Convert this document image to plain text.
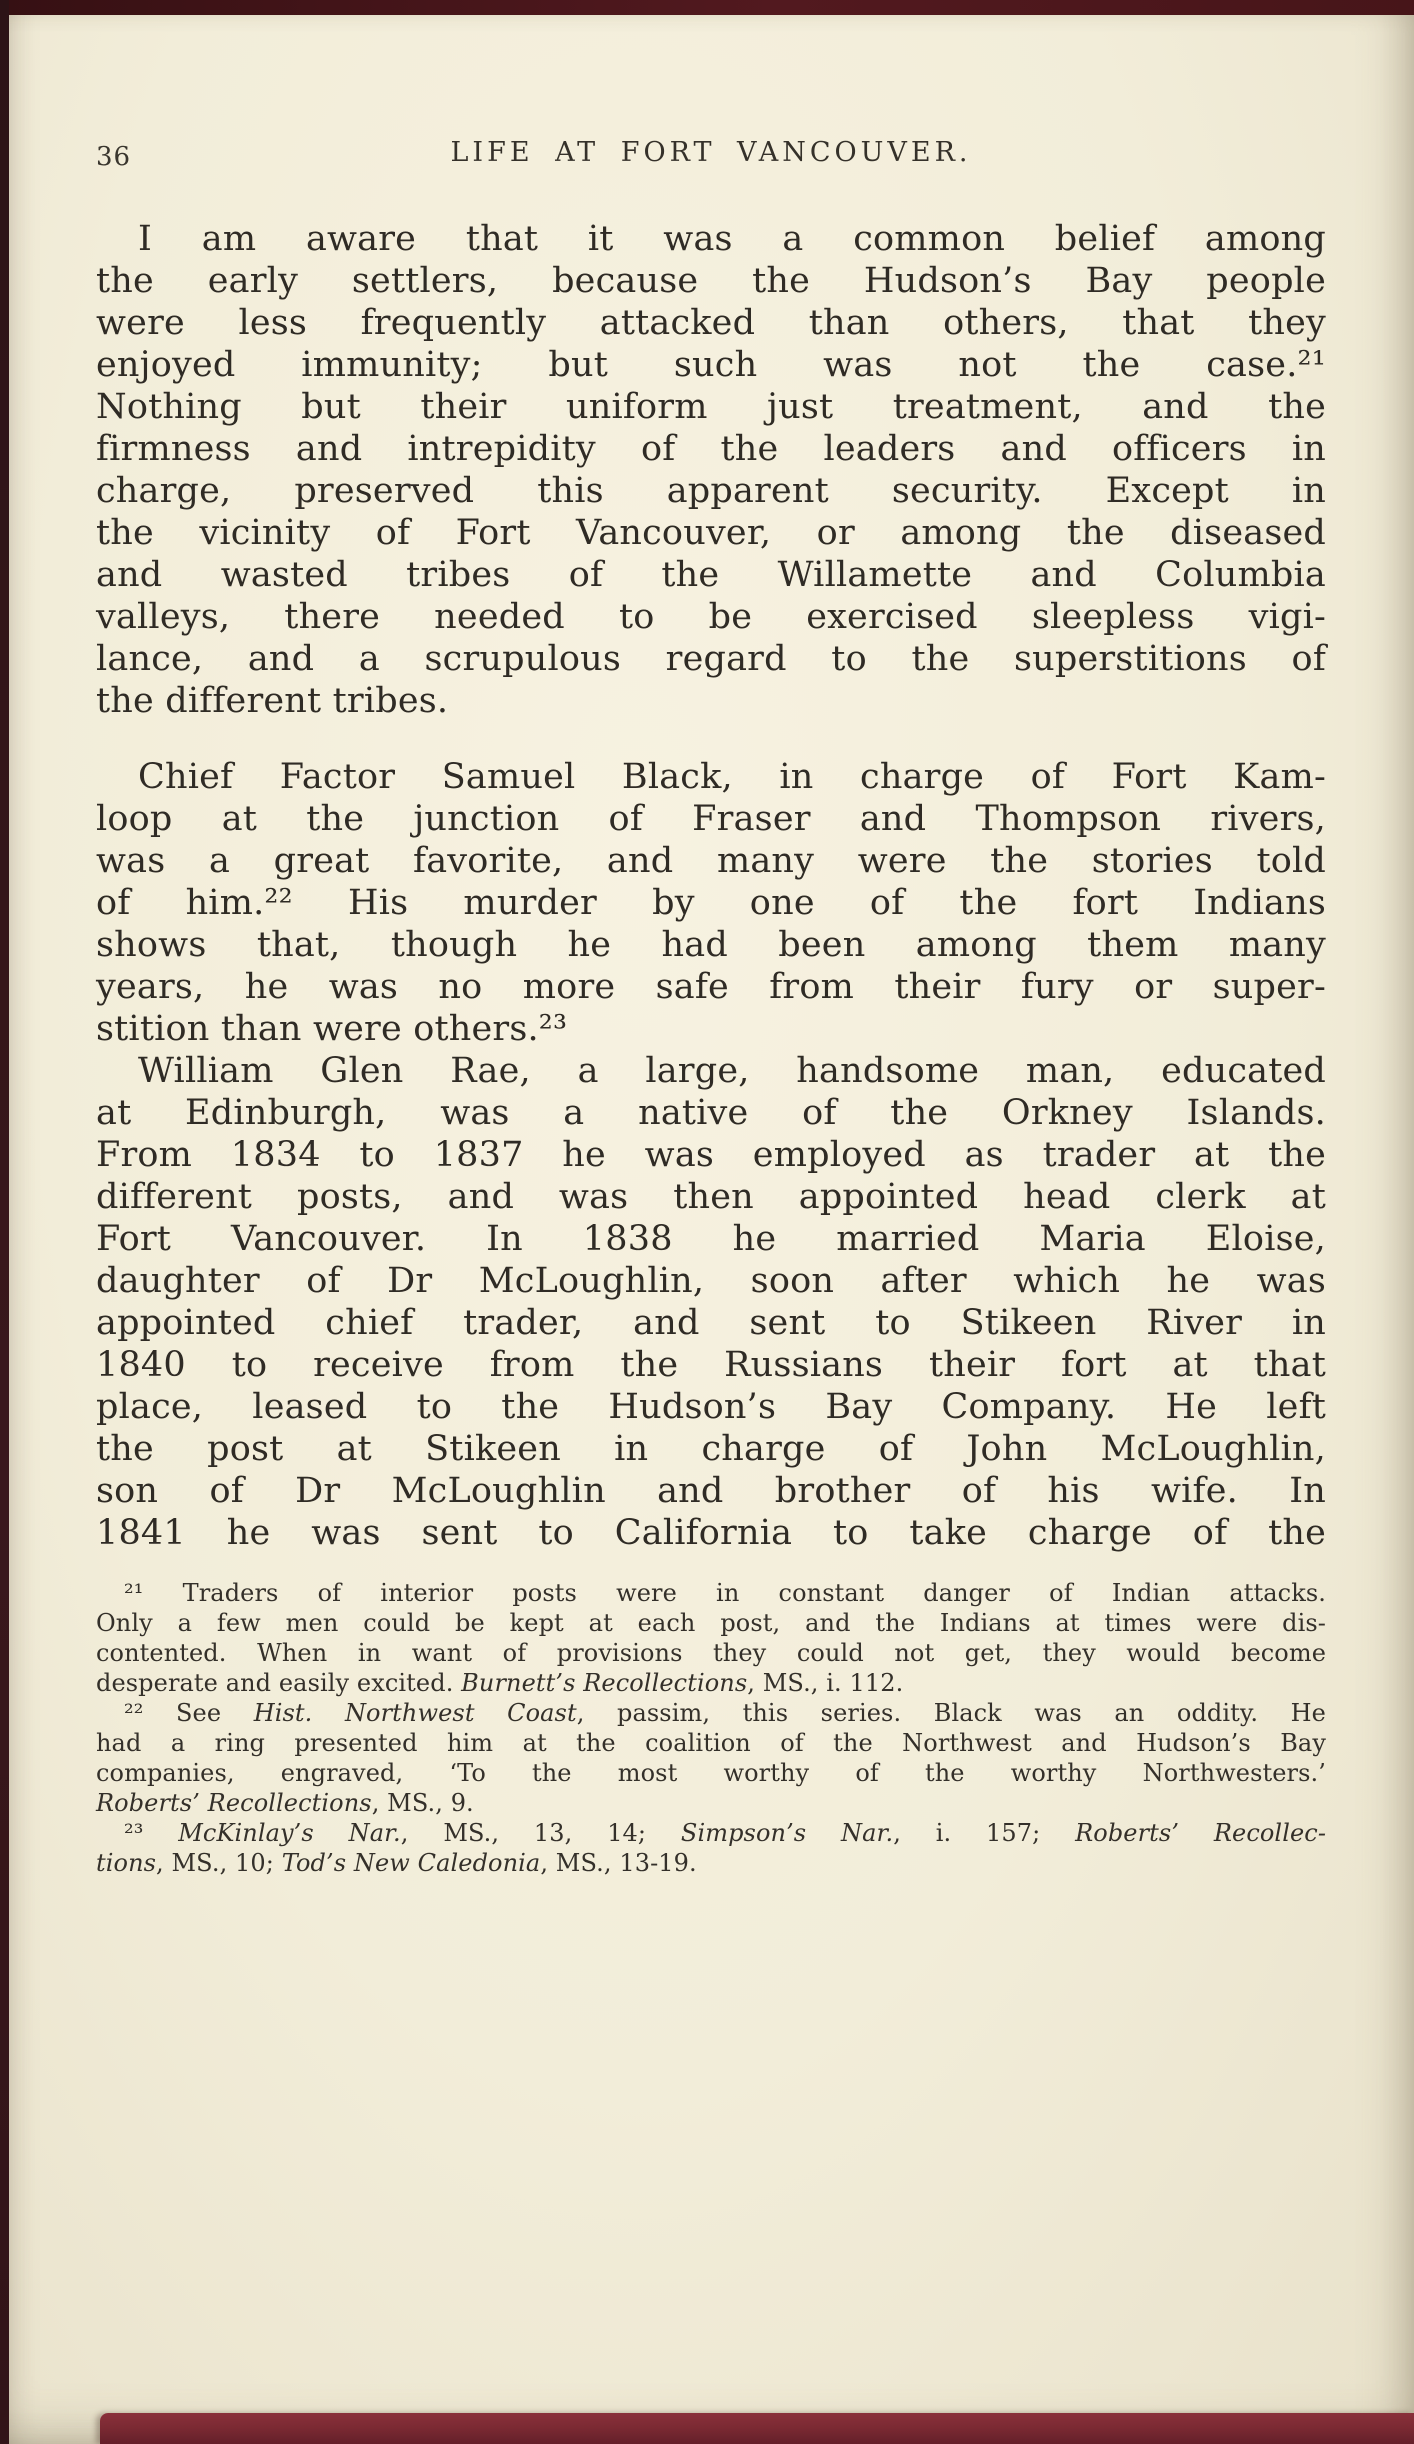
36	LIFE AT FORT VANCOUVER.

I am aware that it was a common belief among
the early settlers, because the Hudson’s Bay people
were less frequently attacked than others, that they
enjoyed immunity; but such was not the case.²¹
Nothing but their uniform just treatment, and the
firmness and intrepidity of the leaders and officers in
charge, preserved this apparent security. Except in
the vicinity of Fort Vancouver, or among the diseased
and wasted tribes of the Willamette and Columbia
valleys, there needed to be exercised sleepless vigi-
lance, and a scrupulous regard to the superstitions of
the different tribes.

Chief Factor Samuel Black, in charge of Fort Kam-
loop at the junction of Fraser and Thompson rivers,
was a great favorite, and many were the stories told
of him.²² His murder by one of the fort Indians
shows that, though he had been among them many
years, he was no more safe from their fury or super-
stition than were others.²³

William Glen Rae, a large, handsome man, educated
at Edinburgh, was a native of the Orkney Islands.
From 1834 to 1837 he was employed as trader at the
different posts, and was then appointed head clerk at
Fort Vancouver. In 1838 he married Maria Eloise,
daughter of Dr McLoughlin, soon after which he was
appointed chief trader, and sent to Stikeen River in
1840 to receive from the Russians their fort at that
place, leased to the Hudson’s Bay Company. He left
the post at Stikeen in charge of John McLoughlin,
son of Dr McLoughlin and brother of his wife. In
1841 he was sent to California to take charge of the

²¹ Traders of interior posts were in constant danger of Indian attacks.
Only a few men could be kept at each post, and the Indians at times were dis-
contented. When in want of provisions they could not get, they would become
desperate and easily excited. Burnett’s Recollections, MS., i. 112.
²² See Hist. Northwest Coast, passim, this series. Black was an oddity. He
had a ring presented him at the coalition of the Northwest and Hudson’s Bay
companies, engraved, ‘To the most worthy of the worthy Northwesters.’
Roberts’ Recollections, MS., 9.
²³ McKinlay’s Nar., MS., 13, 14; Simpson’s Nar., i. 157; Roberts’ Recollec-
tions, MS., 10; Tod’s New Caledonia, MS., 13-19.
